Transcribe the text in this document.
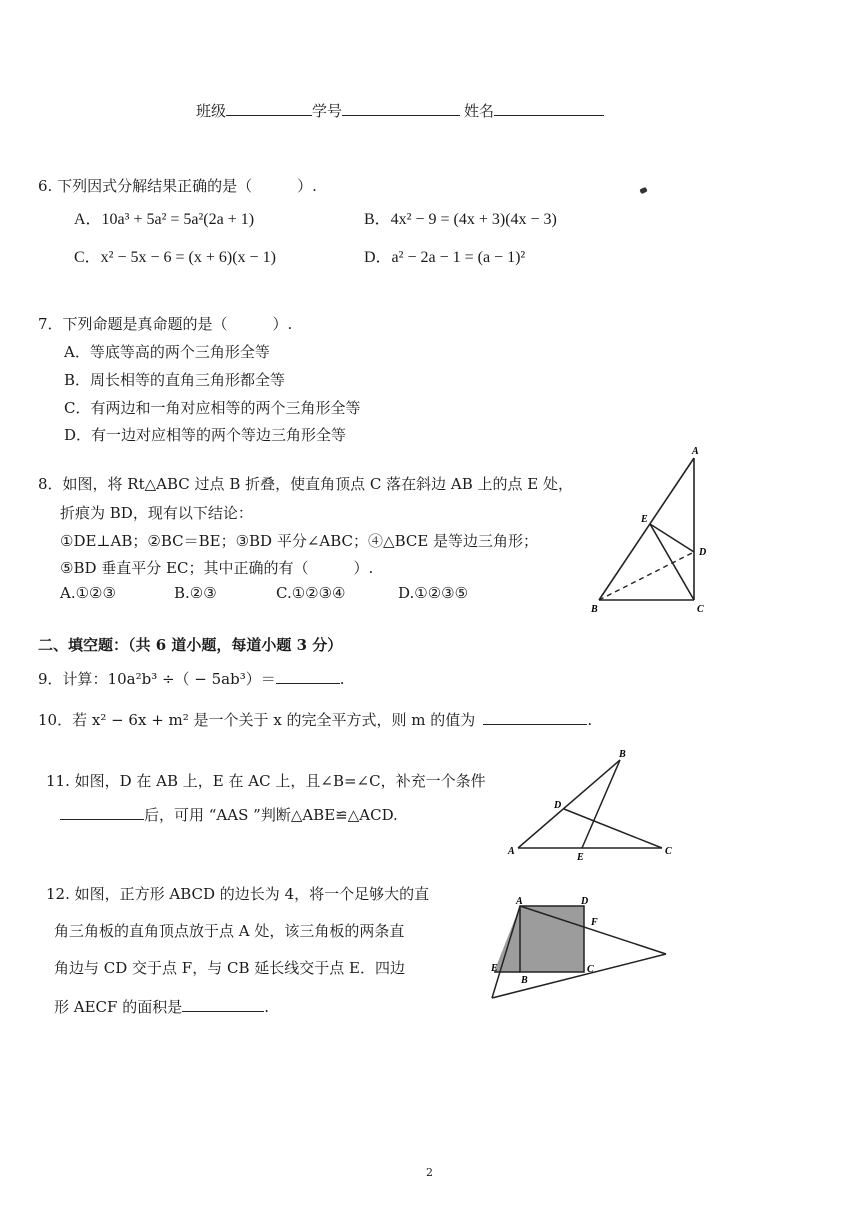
班级	学号	姓名
6. 下列因式分解结果正确的是（　　　）.
A．10a³ + 5a² = 5a²(2a + 1)	B．4x² − 9 = (4x + 3)(4x − 3)
C．x² − 5x − 6 = (x + 6)(x − 1)	D．a² − 2a − 1 = (a − 1)²
7．下列命题是真命题的是（　　　）.
A．等底等高的两个三角形全等
B．周长相等的直角三角形都全等
C．有两边和一角对应相等的两个三角形全等
D．有一边对应相等的两个等边三角形全等
8．如图，将 Rt△ABC 过点 B 折叠，使直角顶点 C 落在斜边 AB 上的点 E 处，
折痕为 BD，现有以下结论：
①DE⊥AB；②BC＝BE；③BD 平分∠ABC；④△BCE 是等边三角形；
⑤BD 垂直平分 EC；其中正确的有（　　　）.
A.①②③	B.②③	C.①②③④	D.①②③⑤
A
E
D
B	C
二、填空题：（共 6 道小题，每道小题 3 分）
9．计算：10a²b³ ÷（ − 5ab³）＝	.
10．若 x² − 6x + m² 是一个关于 x 的完全平方式，则 m 的值为	.
11. 如图，D 在 AB 上，E 在 AC 上，且∠B=∠C，补充一个条件
后，可用 “AAS ”判断△ABE≌△ACD.
B
D
A
E
C
12. 如图，正方形 ABCD 的边长为 4，将一个足够大的直
角三角板的直角顶点放于点 A 处，该三角板的两条直
角边与 CD 交于点 F，与 CB 延长线交于点 E．四边
形 AECF 的面积是	.
A	D
F
E
B
C
2
